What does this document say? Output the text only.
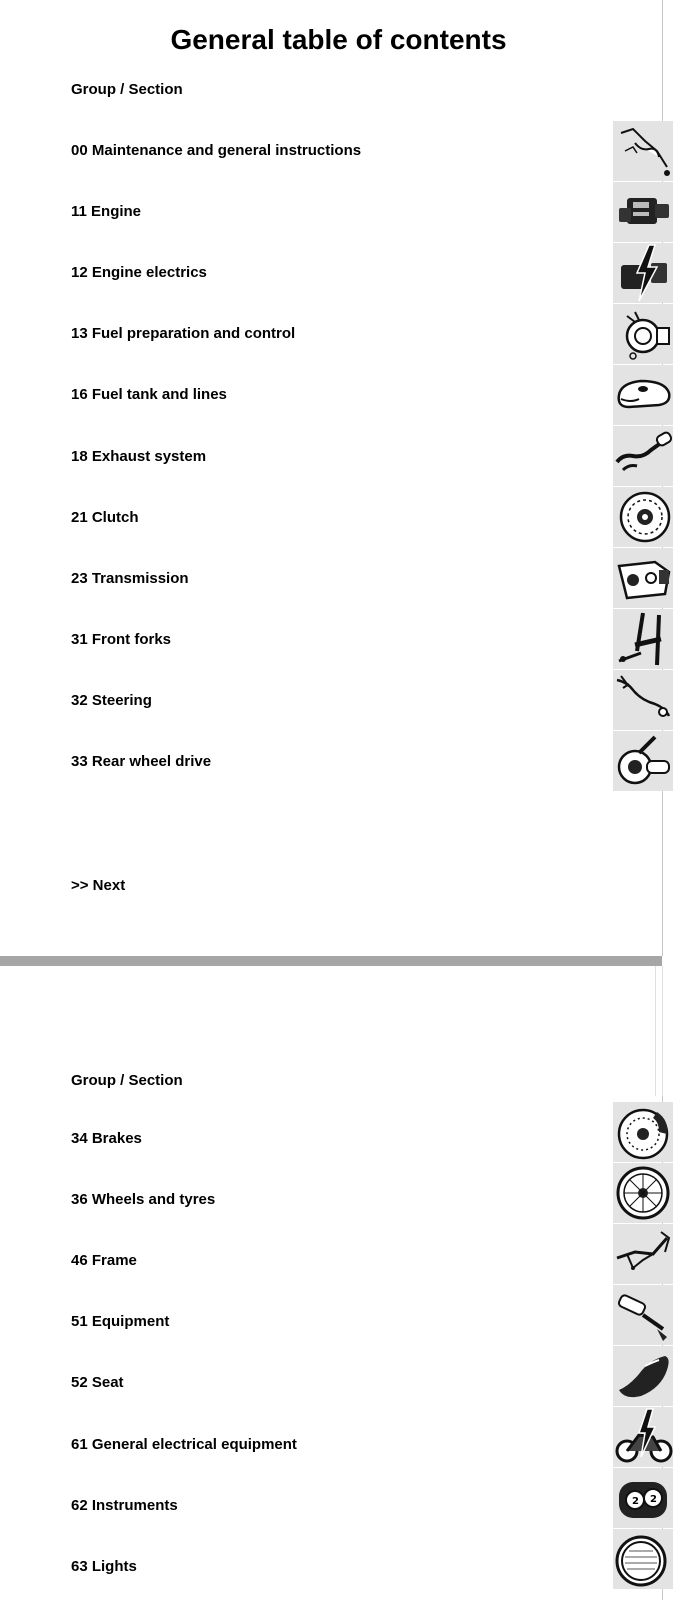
General table of contents
Group / Section
00 Maintenance and general instructions
11 Engine
12 Engine electrics
13 Fuel preparation and control
16 Fuel tank and lines
18 Exhaust system
21 Clutch
23 Transmission
31 Front forks
32 Steering
33 Rear wheel drive
>> Next
Group / Section
34 Brakes
36 Wheels and tyres
46 Frame
51 Equipment
52 Seat
61 General electrical equipment
62 Instruments
63 Lights
2 2
